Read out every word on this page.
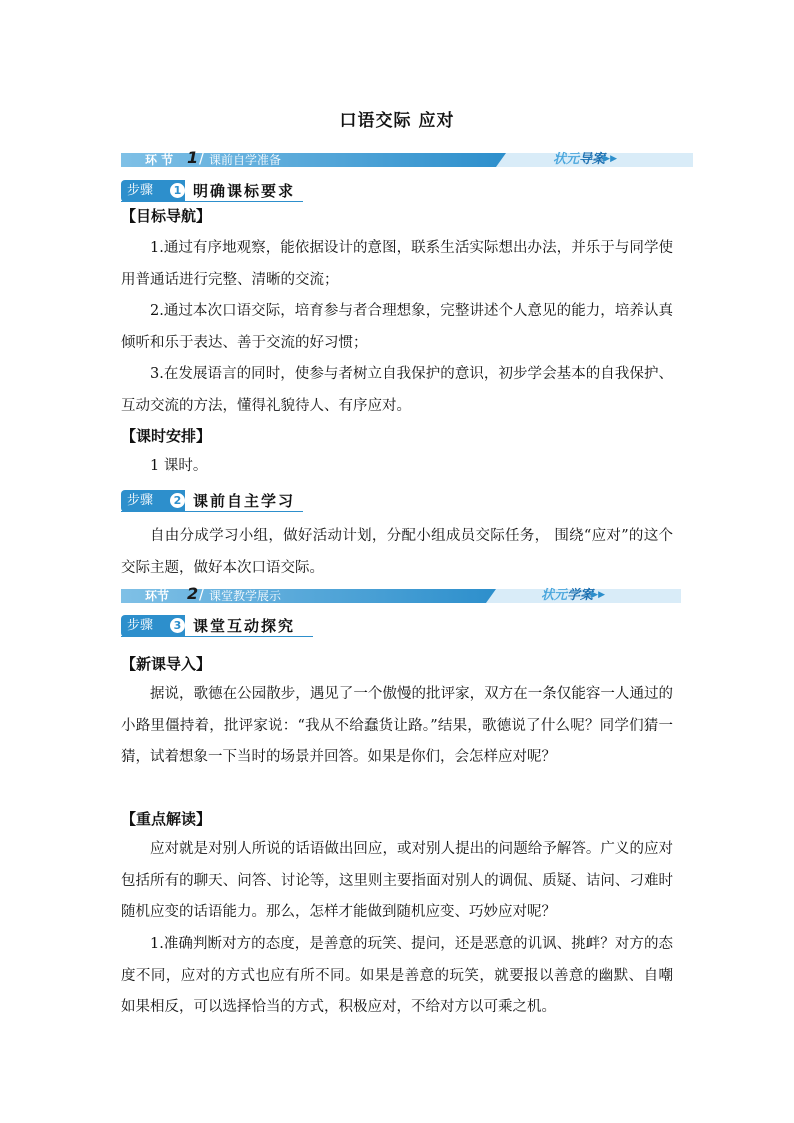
口语交际 应对
环 节 1 / 课前自学准备	状元导案
▶▶
步骤	1 明确课标要求
【目标导航】

1.通过有序地观察，能依据设计的意图，联系生活实际想出办法，并乐于与同学使用普通话进行完整、清晰的交流；

2.通过本次口语交际，培育参与者合理想象，完整讲述个人意见的能力，培养认真倾听和乐于表达、善于交流的好习惯；

3.在发展语言的同时，使参与者树立自我保护的意识，初步学会基本的自我保护、互动交流的方法，懂得礼貌待人、有序应对。

【课时安排】

1 课时。

步骤	2 课前自主学习

自由分成学习小组，做好活动计划，分配小组成员交际任务， 围绕“应对”的这个交际主题，做好本次口语交际。

环节 2 / 课堂教学展示	状元学案
▶▶
步骤	3 课堂互动探究
【新课导入】

据说，歌德在公园散步，遇见了一个傲慢的批评家，双方在一条仅能容一人通过的小路里僵持着，批评家说：“我从不给蠢货让路。”结果，歌德说了什么呢？同学们猜一猜，试着想象一下当时的场景并回答。如果是你们，会怎样应对呢？

【重点解读】

应对就是对别人所说的话语做出回应，或对别人提出的问题给予解答。广义的应对包括所有的聊天、问答、讨论等，这里则主要指面对别人的调侃、质疑、诘问、刁难时随机应变的话语能力。那么，怎样才能做到随机应变、巧妙应对呢？

1.准确判断对方的态度，是善意的玩笑、提问，还是恶意的讥讽、挑衅？对方的态度不同，应对的方式也应有所不同。如果是善意的玩笑，就要报以善意的幽默、自嘲 如果相反，可以选择恰当的方式，积极应对，不给对方以可乘之机。
